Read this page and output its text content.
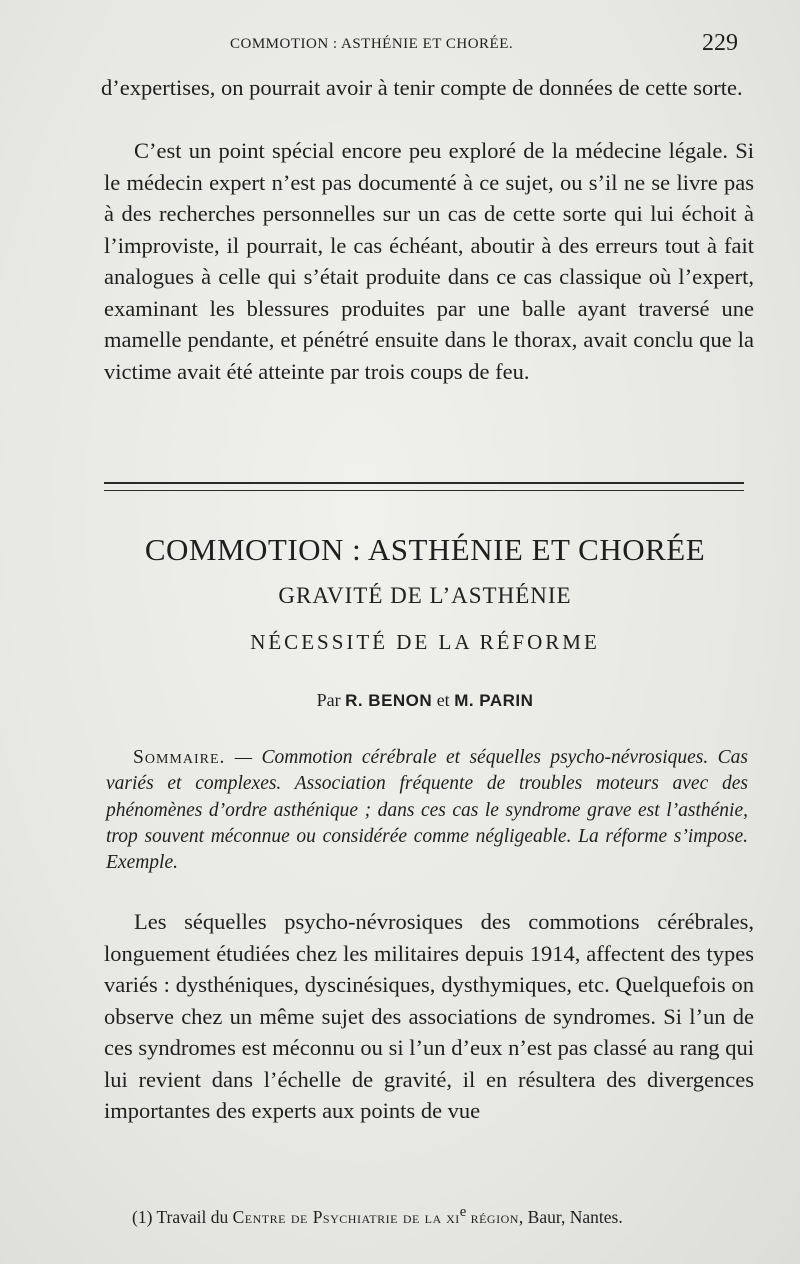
COMMOTION : ASTHÉNIE ET CHORÉE.	229

d’expertises, on pourrait avoir à tenir compte de données de cette sorte.

C’est un point spécial encore peu exploré de la médecine légale. Si le médecin expert n’est pas documenté à ce sujet, ou s’il ne se livre pas à des recherches personnelles sur un cas de cette sorte qui lui échoit à l’improviste, il pourrait, le cas échéant, aboutir à des erreurs tout à fait analogues à celle qui s’était produite dans ce cas classique où l’expert, examinant les blessures produites par une balle ayant traversé une mamelle pendante, et pénétré ensuite dans le thorax, avait conclu que la victime avait été atteinte par trois coups de feu.

COMMOTION : ASTHÉNIE ET CHORÉE
GRAVITÉ DE L’ASTHÉNIE
NÉCESSITÉ DE LA RÉFORME
Par R. BENON et M. PARIN

Sommaire. — Commotion cérébrale et séquelles psycho-névrosiques. Cas variés et complexes. Association fréquente de troubles moteurs avec des phénomènes d’ordre asthénique ; dans ces cas le syndrome grave est l’asthénie, trop souvent méconnue ou considérée comme négligeable. La réforme s’impose. Exemple.

Les séquelles psycho-névrosiques des commotions cérébrales, longuement étudiées chez les militaires depuis 1914, affectent des types variés : dysthéniques, dyscinésiques, dysthymiques, etc. Quelquefois on observe chez un même sujet des associations de syndromes. Si l’un de ces syndromes est méconnu ou si l’un d’eux n’est pas classé au rang qui lui revient dans l’échelle de gravité, il en résultera des divergences importantes des experts aux points de vue

(1) Travail du Centre de Psychiatrie de la $xi^e$ région, Baur, Nantes.
